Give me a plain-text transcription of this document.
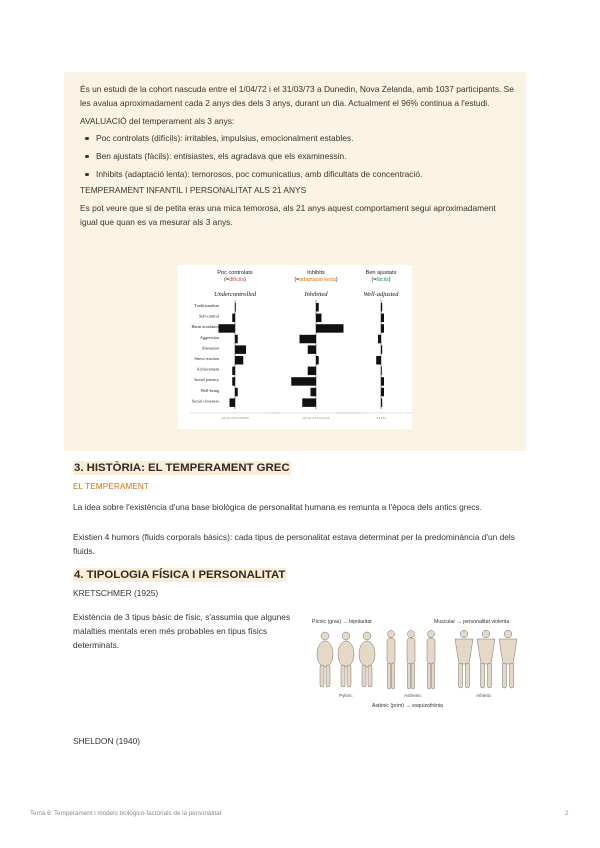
És un estudi de la cohort nascuda entre el 1/04/72 i el 31/03/73 a Dunedin, Nova Zelanda, amb 1037 participants. Se les avalua aproximadament cada 2 anys des dels 3 anys, durant un dia. Actualment el 96% continua a l'estudi.

AVALUACIÓ del temperament als 3 anys:

Poc controlats (difícils): irritables, impulsius, emocionalment estables.
Ben ajustats (fàcils): entisiastes, els agradava que els examinessin.
Inhibits (adaptació lenta): temorosos, poc comunicatius, amb dificultats de concentració.

TEMPERAMENT INFANTIL I PERSONALITAT ALS 21 ANYS

Es pot veure que si de petita eras una mica temorosa, als 21 anys aquest comportament segui aproximadament igual que quan es va mesurar als 3 anys.

Traditionalism
Self-control
Harm avoidance
Aggression
Alienation
Stress reaction
Achievement
Social potency
Well-being
Social closeness
Poc controlats
(=difícils)
Undercontrolled
-0.6 -0.4 -0.2 0 0.2 0.4 0.6
Inhibits
(=adaptació lenta)
Inhibited
-0.6 -0.4 -0.2 0 0.2 0.4 0.6
Ben ajustats
(=fàcils)
Well-adjusted
-0.2 0 0.2
3. HISTÒRIA: EL TEMPERAMENT GREC
EL TEMPERAMENT
La idea sobre l'existència d'una base biològica de personalitat humana es remunta a l'època dels antics grecs.
Existien 4 humors (fluids corporals bàsics): cada tipus de personalitat estava determinat per la predominància d'un dels fluids.
4. TIPOLOGIA FÍSICA I PERSONALITAT
KRETSCHMER (1925)
Existència de 3 tipus bàsic de físic, s'assumia que algunes malalties mentals eren més probables en tipus físics determinats.
Pícnic (gras) → bipolaritat	Muscular → personalitat violenta
Pyknic	Asthenic	Athletic
Astènic (prim) → esquizofrènia
SHELDON (1940)
Tema 6: Temperament i models biològico-factorials de la personalitat	2
